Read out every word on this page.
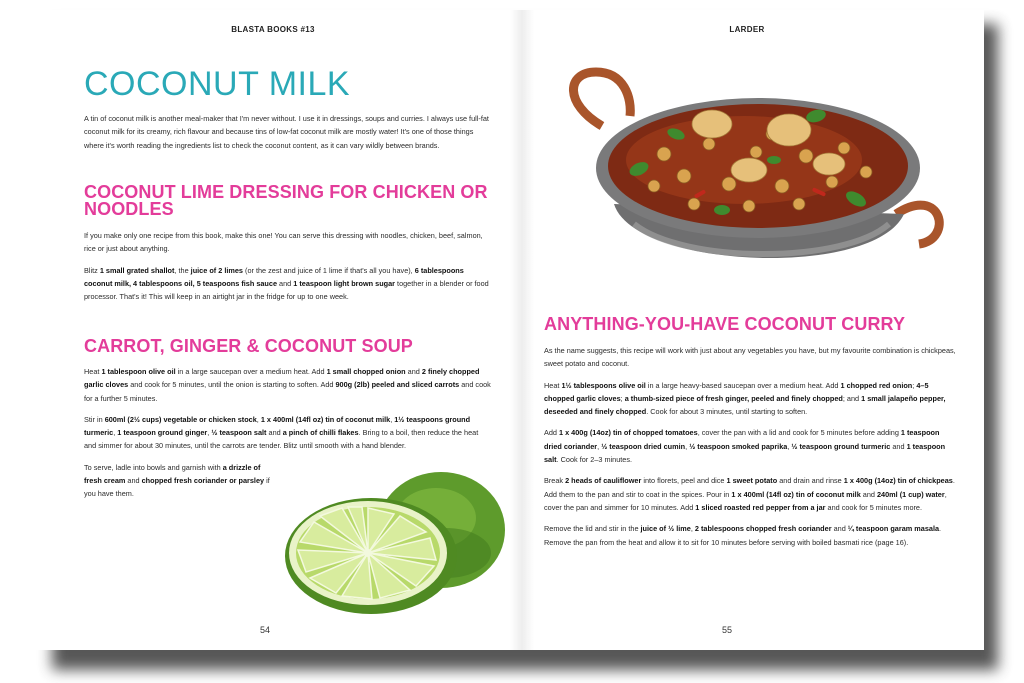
BLASTA BOOKS #13
COCONUT MILK

A tin of coconut milk is another meal-maker that I'm never without. I use it in dressings, soups and curries. I always use full-fat coconut milk for its creamy, rich flavour and because tins of low-fat coconut milk are mostly water! It's one of those things where it's worth reading the ingredients list to check the coconut content, as it can vary wildly between brands.

COCONUT LIME DRESSING FOR CHICKEN OR NOODLES

If you make only one recipe from this book, make this one! You can serve this dressing with noodles, chicken, beef, salmon, rice or just about anything.

Blitz 1 small grated shallot, the juice of 2 limes (or the zest and juice of 1 lime if that's all you have), 6 tablespoons coconut milk, 4 tablespoons oil, 5 teaspoons fish sauce and 1 teaspoon light brown sugar together in a blender or food processor. That's it! This will keep in an airtight jar in the fridge for up to one week.

CARROT, GINGER & COCONUT SOUP

Heat 1 tablespoon olive oil in a large saucepan over a medium heat. Add 1 small chopped onion and 2 finely chopped garlic cloves and cook for 5 minutes, until the onion is starting to soften. Add 900g (2lb) peeled and sliced carrots and cook for a further 5 minutes.

Stir in 600ml (2½ cups) vegetable or chicken stock, 1 x 400ml (14fl oz) tin of coconut milk, 1½ teaspoons ground turmeric, 1 teaspoon ground ginger, ½ teaspoon salt and a pinch of chilli flakes. Bring to a boil, then reduce the heat and simmer for about 30 minutes, until the carrots are tender. Blitz until smooth with a hand blender.

To serve, ladle into bowls and garnish with a drizzle of fresh cream and chopped fresh coriander or parsley if you have them.

54
LARDER
ANYTHING-YOU-HAVE COCONUT CURRY

As the name suggests, this recipe will work with just about any vegetables you have, but my favourite combination is chickpeas, sweet potato and coconut.

Heat 1½ tablespoons olive oil in a large heavy-based saucepan over a medium heat. Add 1 chopped red onion; 4–5 chopped garlic cloves; a thumb-sized piece of fresh ginger, peeled and finely chopped; and 1 small jalapeño pepper, deseeded and finely chopped. Cook for about 3 minutes, until starting to soften.

Add 1 x 400g (14oz) tin of chopped tomatoes, cover the pan with a lid and cook for 5 minutes before adding 1 teaspoon dried coriander, ½ teaspoon dried cumin, ½ teaspoon smoked paprika, ½ teaspoon ground turmeric and 1 teaspoon salt. Cook for 2–3 minutes.

Break 2 heads of cauliflower into florets, peel and dice 1 sweet potato and drain and rinse 1 x 400g (14oz) tin of chickpeas. Add them to the pan and stir to coat in the spices. Pour in 1 x 400ml (14fl oz) tin of coconut milk and 240ml (1 cup) water, cover the pan and simmer for 10 minutes. Add 1 sliced roasted red pepper from a jar and cook for 5 minutes more.

Remove the lid and stir in the juice of ½ lime, 2 tablespoons chopped fresh coriander and ¼ teaspoon garam masala. Remove the pan from the heat and allow it to sit for 10 minutes before serving with boiled basmati rice (page 16).

55
